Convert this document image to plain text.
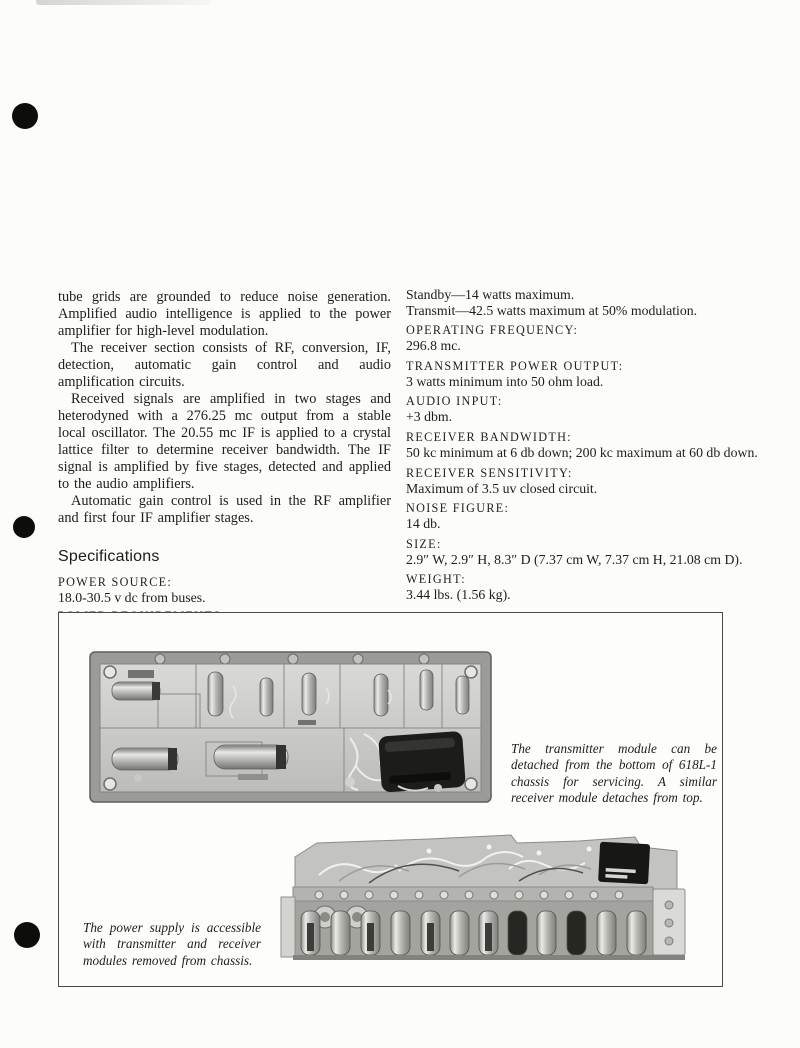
tube grids are grounded to reduce noise generation. Amplified audio intelligence is applied to the power amplifier for high-level modulation.

The receiver section consists of RF, conversion, IF, detection, automatic gain control and audio amplification circuits.

Received signals are amplified in two stages and heterodyned with a 276.25 mc output from a stable local oscillator. The 20.55 mc IF is applied to a crystal lattice filter to determine receiver bandwidth. The IF signal is amplified by five stages, detected and applied to the audio amplifiers.

Automatic gain control is used in the RF amplifier and first four IF amplifier stages.

Specifications
POWER SOURCE:
18.0-30.5 v dc from buses.
Standby—14 watts maximum.
Transmit—42.5 watts maximum at 50% modulation.
OPERATING FREQUENCY:
296.8 mc.
TRANSMITTER POWER OUTPUT:
3 watts minimum into 50 ohm load.
AUDIO INPUT:
+3 dbm.
RECEIVER BANDWIDTH:
50 kc minimum at 6 db down; 200 kc maximum at 60 db down.
RECEIVER SENSITIVITY:
Maximum of 3.5 uv closed circuit.
NOISE FIGURE:
14 db.
SIZE:
2.9″ W, 2.9″ H, 8.3″ D (7.37 cm W, 7.37 cm H, 21.08 cm D).
WEIGHT:
3.44 lbs. (1.56 kg).
The transmitter module can be detached from the bottom of 618L-1 chassis for servicing. A similar receiver module detaches from top.
The power supply is accessible with transmitter and receiver modules removed from chassis.
